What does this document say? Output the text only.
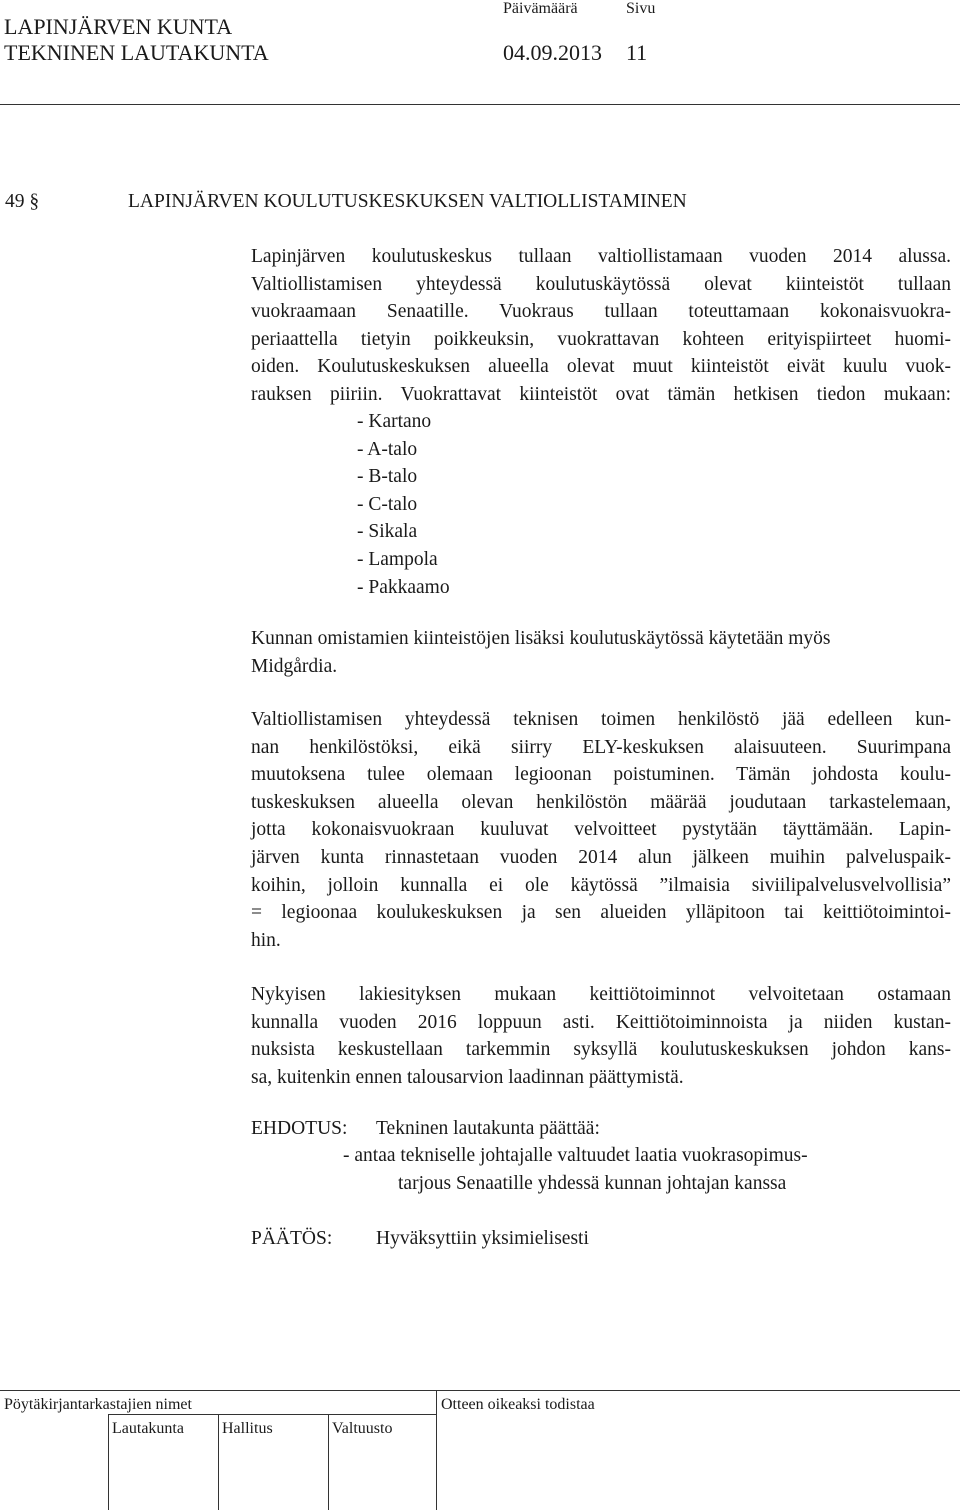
LAPINJÄRVEN KUNTA
TEKNINEN LAUTAKUNTA
Päivämäärä	Sivu
04.09.2013 11
49 §	LAPINJÄRVEN KOULUTUSKESKUKSEN VALTIOLLISTAMINEN
Lapinjärven koulutuskeskus tullaan valtiollistamaan vuoden 2014 alussa.
Valtiollistamisen yhteydessä koulutuskäytössä olevat kiinteistöt tullaan
vuokraamaan Senaatille. Vuokraus tullaan toteuttamaan kokonaisvuokra-
periaattella tietyin poikkeuksin, vuokrattavan kohteen erityispiirteet huomi-
oiden. Koulutuskeskuksen alueella olevat muut kiinteistöt eivät kuulu vuok-
rauksen piiriin. Vuokrattavat kiinteistöt ovat tämän hetkisen tiedon mukaan:
- Kartano
- A-talo
- B-talo
- C-talo
- Sikala
- Lampola
- Pakkaamo
Kunnan omistamien kiinteistöjen lisäksi koulutuskäytössä käytetään myös
Midgårdia.
Valtiollistamisen yhteydessä teknisen toimen henkilöstö jää edelleen kun-
nan henkilöstöksi, eikä siirry ELY-keskuksen alaisuuteen. Suurimpana
muutoksena tulee olemaan legioonan poistuminen. Tämän johdosta koulu-
tuskeskuksen alueella olevan henkilöstön määrää joudutaan tarkastelemaan,
jotta kokonaisvuokraan kuuluvat velvoitteet pystytään täyttämään. Lapin-
järven kunta rinnastetaan vuoden 2014 alun jälkeen muihin palveluspaik-
koihin, jolloin kunnalla ei ole käytössä ”ilmaisia siviilipalvelusvelvollisia”
= legioonaa koulukeskuksen ja sen alueiden ylläpitoon tai keittiötoimintoi-
hin.
Nykyisen lakiesityksen mukaan keittiötoiminnot velvoitetaan ostamaan
kunnalla vuoden 2016 loppuun asti. Keittiötoiminnoista ja niiden kustan-
nuksista keskustellaan tarkemmin syksyllä koulutuskeskuksen johdon kans-
sa, kuitenkin ennen talousarvion laadinnan päättymistä.
EHDOTUS: Tekninen lautakunta päättää:
- antaa tekniselle johtajalle valtuudet laatia vuokrasopimus-
tarjous Senaatille yhdessä kunnan johtajan kanssa
PÄÄTÖS: Hyväksyttiin yksimielisesti
Pöytäkirjantarkastajien nimet	Otteen oikeaksi todistaa
Lautakunta Hallitus	Valtuusto
